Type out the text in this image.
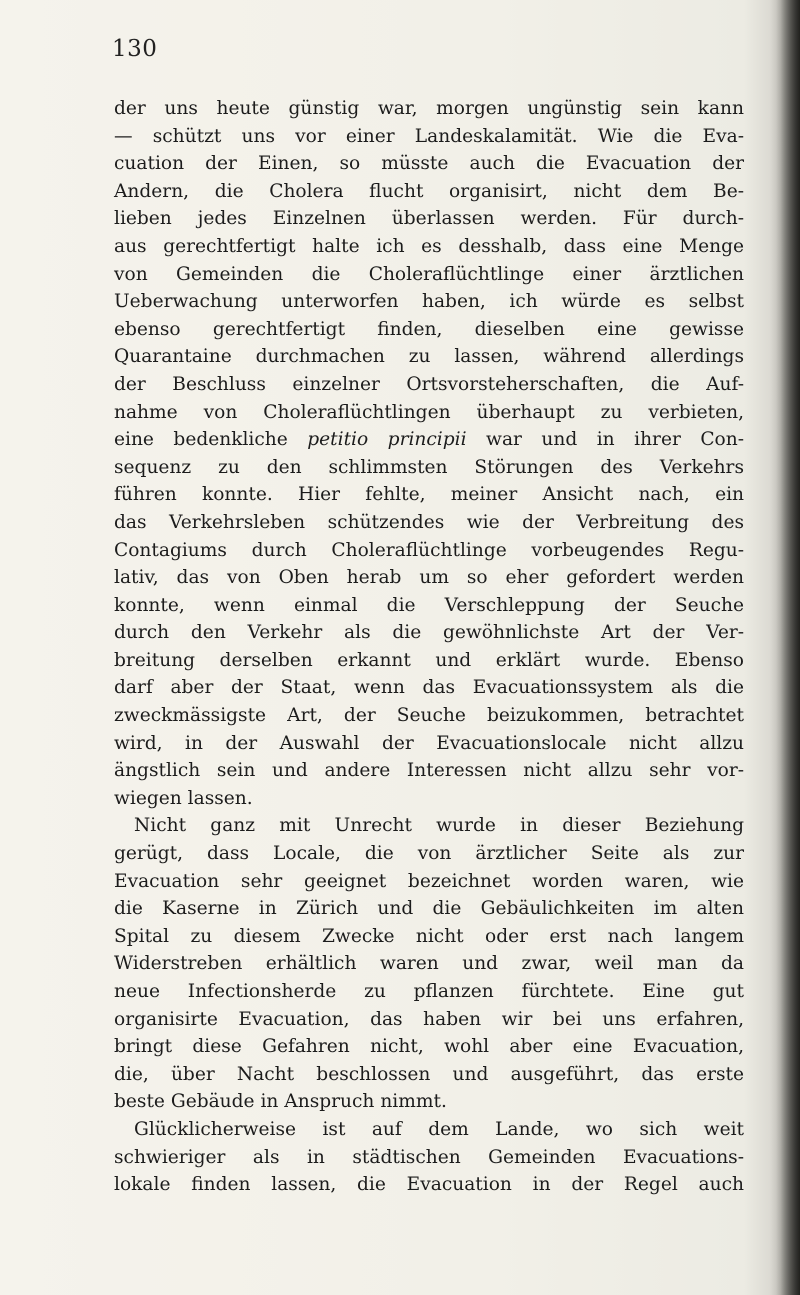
130
der uns heute günstig war, morgen ungünstig sein kann
— schützt uns vor einer Landeskalamität. Wie die Eva-
cuation der Einen, so müsste auch die Evacuation der
Andern, die Cholera flucht organisirt, nicht dem Be-
lieben jedes Einzelnen überlassen werden. Für durch-
aus gerechtfertigt halte ich es desshalb, dass eine Menge
von Gemeinden die Choleraflüchtlinge einer ärztlichen
Ueberwachung unterworfen haben, ich würde es selbst
ebenso gerechtfertigt finden, dieselben eine gewisse
Quarantaine durchmachen zu lassen, während allerdings
der Beschluss einzelner Ortsvorsteherschaften, die Auf-
nahme von Choleraflüchtlingen überhaupt zu verbieten,
eine bedenkliche petitio principii war und in ihrer Con-
sequenz zu den schlimmsten Störungen des Verkehrs
führen konnte. Hier fehlte, meiner Ansicht nach, ein
das Verkehrsleben schützendes wie der Verbreitung des
Contagiums durch Choleraflüchtlinge vorbeugendes Regu-
lativ, das von Oben herab um so eher gefordert werden
konnte, wenn einmal die Verschleppung der Seuche
durch den Verkehr als die gewöhnlichste Art der Ver-
breitung derselben erkannt und erklärt wurde. Ebenso
darf aber der Staat, wenn das Evacuationssystem als die
zweckmässigste Art, der Seuche beizukommen, betrachtet
wird, in der Auswahl der Evacuationslocale nicht allzu
ängstlich sein und andere Interessen nicht allzu sehr vor-
wiegen lassen.
Nicht ganz mit Unrecht wurde in dieser Beziehung
gerügt, dass Locale, die von ärztlicher Seite als zur
Evacuation sehr geeignet bezeichnet worden waren, wie
die Kaserne in Zürich und die Gebäulichkeiten im alten
Spital zu diesem Zwecke nicht oder erst nach langem
Widerstreben erhältlich waren und zwar, weil man da
neue Infectionsherde zu pflanzen fürchtete. Eine gut
organisirte Evacuation, das haben wir bei uns erfahren,
bringt diese Gefahren nicht, wohl aber eine Evacuation,
die, über Nacht beschlossen und ausgeführt, das erste
beste Gebäude in Anspruch nimmt.
Glücklicherweise ist auf dem Lande, wo sich weit
schwieriger als in städtischen Gemeinden Evacuations-
lokale finden lassen, die Evacuation in der Regel auch
